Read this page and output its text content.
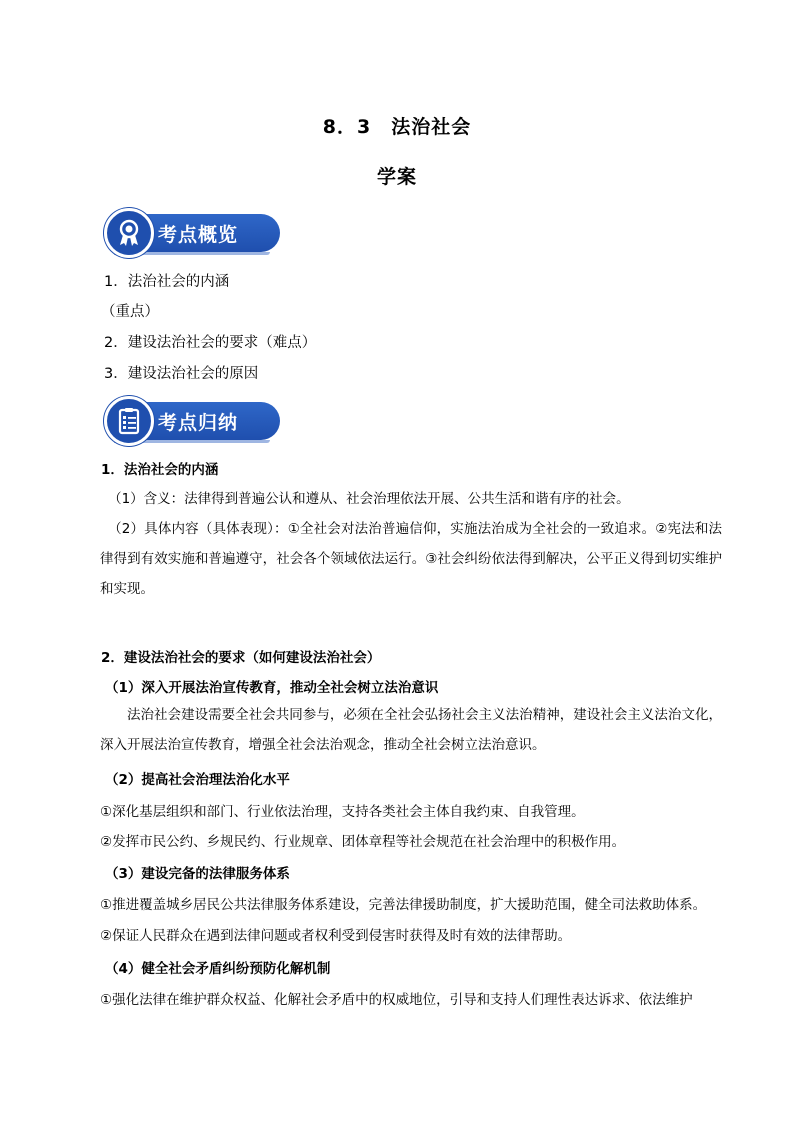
8．3　法治社会
学案
考点概览
1．法治社会的内涵
（重点）
2．建设法治社会的要求（难点）
3．建设法治社会的原因
考点归纳
1．法治社会的内涵

（1）含义：法律得到普遍公认和遵从、社会治理依法开展、公共生活和谐有序的社会。

（2）具体内容（具体表现）：①全社会对法治普遍信仰，实施法治成为全社会的一致追求。②宪法和法律得到有效实施和普遍遵守，社会各个领域依法运行。③社会纠纷依法得到解决，公平正义得到切实维护和实现。

2．建设法治社会的要求（如何建设法治社会）
（1）深入开展法治宣传教育，推动全社会树立法治意识

法治社会建设需要全社会共同参与，必须在全社会弘扬社会主义法治精神，建设社会主义法治文化，深入开展法治宣传教育，增强全社会法治观念，推动全社会树立法治意识。

（2）提高社会治理法治化水平
①深化基层组织和部门、行业依法治理，支持各类社会主体自我约束、自我管理。
②发挥市民公约、乡规民约、行业规章、团体章程等社会规范在社会治理中的积极作用。
（3）建设完备的法律服务体系
①推进覆盖城乡居民公共法律服务体系建设，完善法律援助制度，扩大援助范围，健全司法救助体系。
②保证人民群众在遇到法律问题或者权利受到侵害时获得及时有效的法律帮助。
（4）健全社会矛盾纠纷预防化解机制
①强化法律在维护群众权益、化解社会矛盾中的权威地位，引导和支持人们理性表达诉求、依法维护
